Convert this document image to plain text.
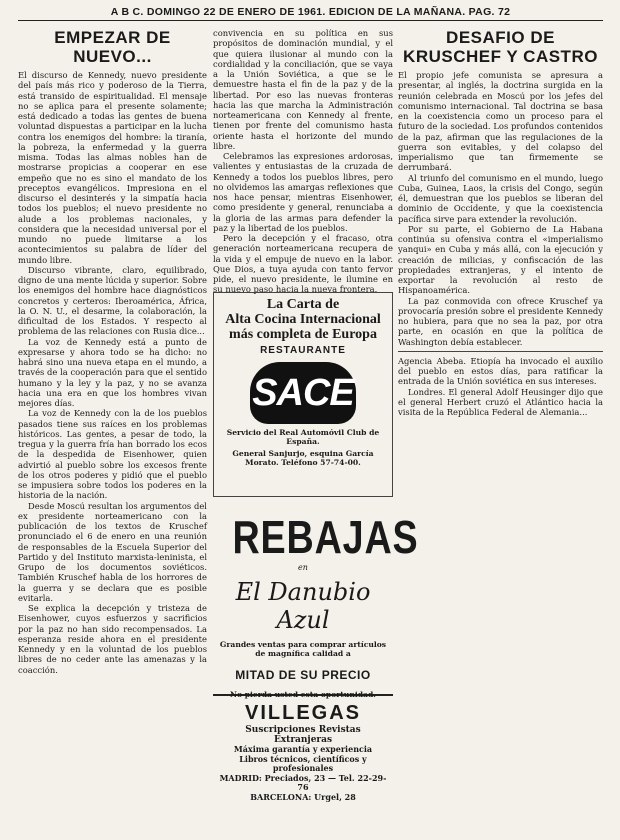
A B C. DOMINGO 22 DE ENERO DE 1961. EDICION DE LA MAÑANA. PAG. 72
EMPEZAR DE NUEVO...

El discurso de Kennedy, nuevo presidente del país más rico y poderoso de la Tierra, está transido de espiritualidad. El mensaje no se aplica para el presente solamente; está dedicado a todas las gentes de buena voluntad dispuestas a participar en la lucha contra los enemigos del hombre: la tiranía, la pobreza, la enfermedad y la guerra misma. Todas las almas nobles han de mostrarse propicias a cooperar en ese empeño que no es sino el mandato de los preceptos evangélicos. Impresiona en el discurso el desinterés y la simpatía hacia todos los pueblos; el nuevo presidente no alude a los problemas nacionales, y considera que la necesidad universal por el mundo no puede limitarse a los acontecimientos su palabra de líder del mundo libre.

Discurso vibrante, claro, equilibrado, digno de una mente lúcida y superior. Sobre los enemigos del hombre hace diagnósticos concretos y certeros: Iberoamérica, África, la O. N. U., el desarme, la colaboración, la dificultad de los Estados. Y respecto al problema de las relaciones con Rusia dice...

La voz de Kennedy está a punto de expresarse y ahora todo se ha dicho: no habrá sino una nueva etapa en el mundo, a través de la cooperación para que el sentido humano y la ley y la paz, y no se avanza hacia una era en que los hombres vivan mejores días.

La voz de Kennedy con la de los pueblos pasados tiene sus raíces en los problemas históricos. Las gentes, a pesar de todo, la tregua y la guerra fría han borrado los ecos de la despedida de Eisenhower, quien advirtió al pueblo sobre los excesos frente de los otros poderes y pidió que el pueblo se impusiera sobre todos los poderes en la historia de la nación.

Desde Moscú resultan los argumentos del ex presidente norteamericano con la publicación de los textos de Kruschef pronunciado el 6 de enero en una reunión de responsables de la Escuela Superior del Partido y del Instituto marxista-leninista, el Grupo de los documentos soviéticos. También Kruschef habla de los horrores de la guerra y se declara que es posible evitarla.

Se explica la decepción y tristeza de Eisenhower, cuyos esfuerzos y sacrificios por la paz no han sido recompensados. La esperanza reside ahora en el presidente Kennedy y en la voluntad de los pueblos libres de no ceder ante las amenazas y la coacción.

convivencia en su política en sus propósitos de dominación mundial, y el que quiera ilusionar al mundo con la cordialidad y la conciliación, que se vaya a la Unión Soviética, a que se le demuestre hasta el fin de la paz y de la libertad. Por eso las nuevas fronteras hacia las que marcha la Administración norteamericana con Kennedy al frente, tienen por frente del comunismo hasta oriente hasta el horizonte del mundo libre.

Celebramos las expresiones ardorosas, valientes y entusiastas de la cruzada de Kennedy a todos los pueblos libres, pero no olvidemos las amargas reflexiones que nos hace pensar, mientras Eisenhower, como presidente y general, renunciaba a la gloria de las armas para defender la paz y la libertad de los pueblos.

Pero la decepción y el fracaso, otra generación norteamericana recupera de la vida y el empuje de nuevo en la labor. Que Dios, a tuya ayuda con tanto fervor pide, el nuevo presidente, le ilumine en su nuevo paso hacia la nueva frontera.

La Carta de
Alta Cocina Internacional
más completa de Europa
RESTAURANTE
SACE
Servicio del Real Automóvil Club de España.
General Sanjurjo, esquina García Morato. Teléfono 57-74-00.
REBAJAS
en
El Danubio Azul
Grandes ventas para comprar artículos de magnífica calidad a
MITAD DE SU PRECIO
No pierda usted esta oportunidad.
VILLEGAS
Suscripciones Revistas Extranjeras
Máxima garantía y experiencia
Libros técnicos, científicos y profesionales
MADRID: Preciados, 23 — Tel. 22-29-76
BARCELONA: Urgel, 28
DESAFIO DE KRUSCHEF Y CASTRO

El propio jefe comunista se apresura a presentar, al inglés, la doctrina surgida en la reunión celebrada en Moscú por los jefes del comunismo internacional. Tal doctrina se basa en la coexistencia como un proceso para el futuro de la sociedad. Los profundos contenidos de la paz, afirman que las regulaciones de la guerra son evitables, y del colapso del imperialismo que tan firmemente se derrumbará.

Al triunfo del comunismo en el mundo, luego Cuba, Guinea, Laos, la crisis del Congo, según él, demuestran que los pueblos se liberan del dominio de Occidente, y que la coexistencia pacífica sirve para extender la revolución.

Por su parte, el Gobierno de La Habana continúa su ofensiva contra el «imperialismo yanqui» en Cuba y más allá, con la ejecución y creación de milicias, y confiscación de las propiedades extranjeras, y el intento de exportar la revolución al resto de Hispanoamérica.

La paz conmovida con ofrece Kruschef ya provocaría presión sobre el presidente Kennedy no hubiera, para que no sea la paz, por otra parte, en ocasión en que la política de Washington debía establecer.

Agencia Abeba. Etiopía ha invocado el auxilio del pueblo en estos días, para ratificar la entrada de la Unión soviética en sus intereses.

Londres. El general Adolf Heusinger dijo que el general Herbert cruzó el Atlántico hacia la visita de la República Federal de Alemania...
